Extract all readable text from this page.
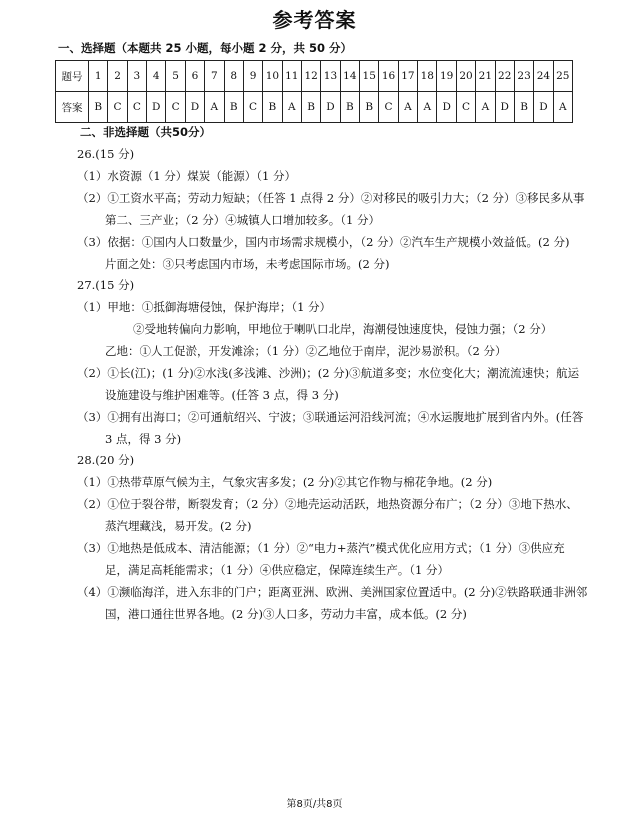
参考答案
一、选择题（本题共 25 小题，每小题 2 分，共 50 分）
题号	1	2	3	4	5	6	7	8	9	10	11	12	13	14	15	16	17	18	19	20	21	22	23	24	25
答案	B	C	C	D	C	D	A	B	C	B	A	B	D	B	B	C	A	A	D	C	A	D	B	D	A
二、非选择题（共50分）
26.(15 分)
（1）水资源（1 分）煤炭（能源）（1 分）
（2）①工资水平高；劳动力短缺；（任答 1 点得 2 分）②对移民的吸引力大；（2 分）③移民多从事
第二、三产业；（2 分）④城镇人口增加较多。（1 分）
（3）依据：①国内人口数量少，国内市场需求规模小，（2 分）②汽车生产规模小效益低。(2 分)
片面之处：③只考虑国内市场，未考虑国际市场。(2 分)
27.(15 分)
（1）甲地：①抵御海塘侵蚀，保护海岸；（1 分）
②受地转偏向力影响，甲地位于喇叭口北岸，海潮侵蚀速度快，侵蚀力强；（2 分）
乙地：①人工促淤，开发滩涂；（1 分）②乙地位于南岸，泥沙易淤积。（2 分）
（2）①长(江)；(1 分)②水浅(多浅滩、沙洲)；(2 分)③航道多变；水位变化大；潮流流速快；航运
设施建设与维护困难等。(任答 3 点，得 3 分)
（3）①拥有出海口；②可通航绍兴、宁波；③联通运河沿线河流；④水运腹地扩展到省内外。(任答
3 点，得 3 分)
28.(20 分)
（1）①热带草原气候为主，气象灾害多发；(2 分)②其它作物与棉花争地。(2 分)
（2）①位于裂谷带，断裂发育；（2 分）②地壳运动活跃，地热资源分布广；（2 分）③地下热水、
蒸汽埋藏浅，易开发。(2 分)
（3）①地热是低成本、清洁能源；（1 分）②“电力+蒸汽”模式优化应用方式；（1 分）③供应充
足，满足高耗能需求；（1 分）④供应稳定，保障连续生产。（1 分）
（4）①濒临海洋，进入东非的门户；距离亚洲、欧洲、美洲国家位置适中。(2 分)②铁路联通非洲邻
国，港口通往世界各地。(2 分)③人口多，劳动力丰富，成本低。(2 分)
第8页/共8页
